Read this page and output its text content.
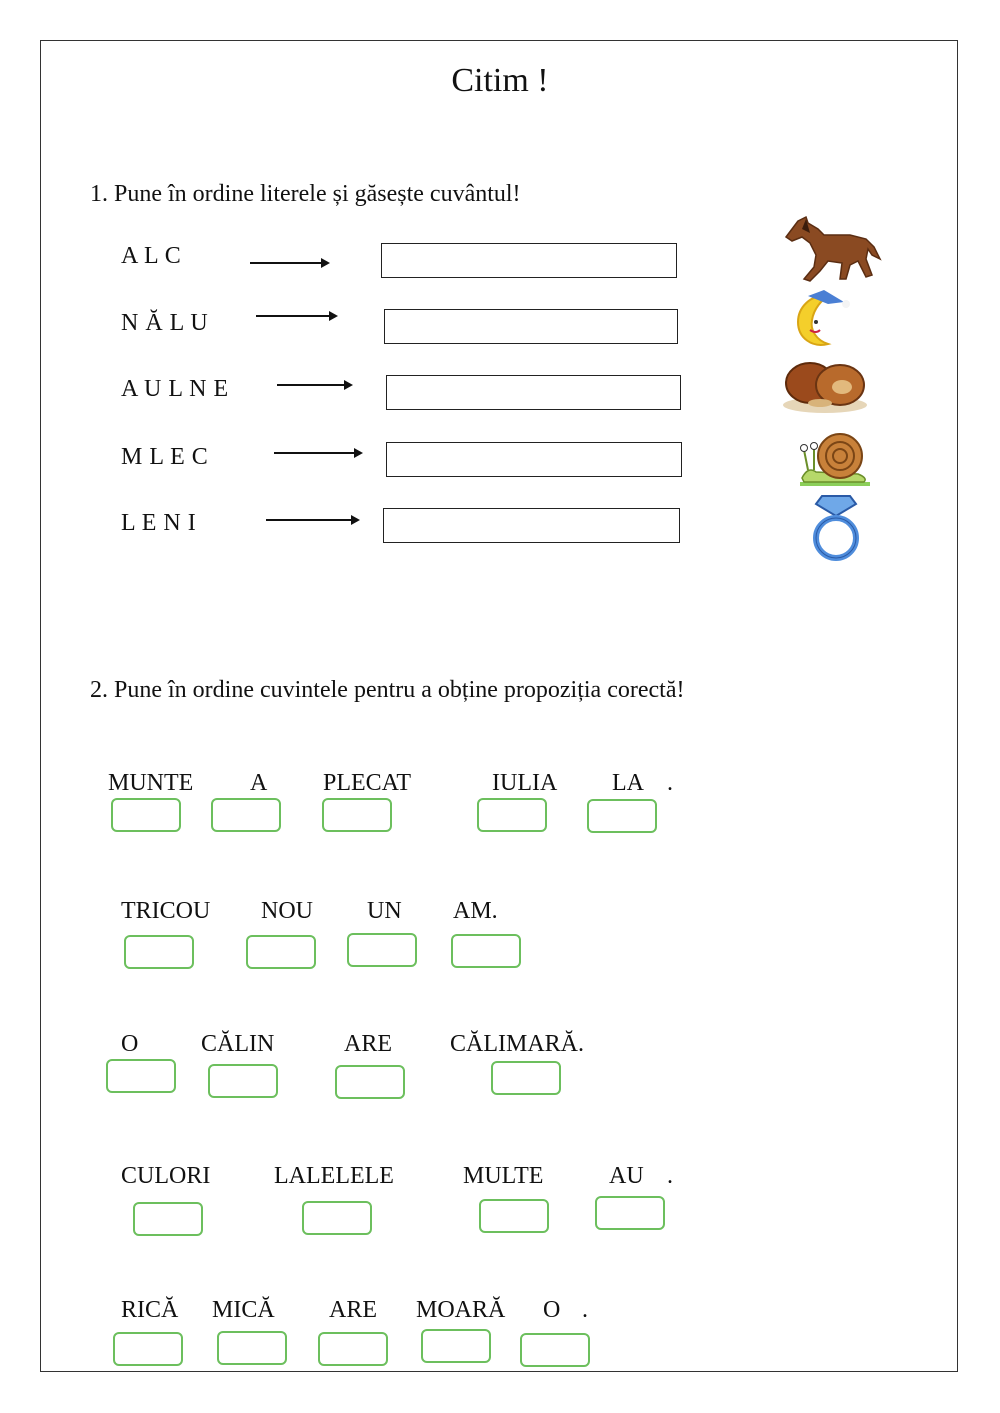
Citim !
1. Pune în ordine literele și găsește cuvântul!
A L C
N Ă L U
A U L N E
M L E C
L E N I
2. Pune în ordine cuvintele pentru a obține propoziția corectă!
MUNTE A PLECAT	IULIA LA .
TRICOU NOU UN AM.
O	CĂLIN	ARE CĂLIMARĂ.
CULORI	LALELELE	MULTE	AU .
RICĂ MICĂ ARE MOARĂ O .
